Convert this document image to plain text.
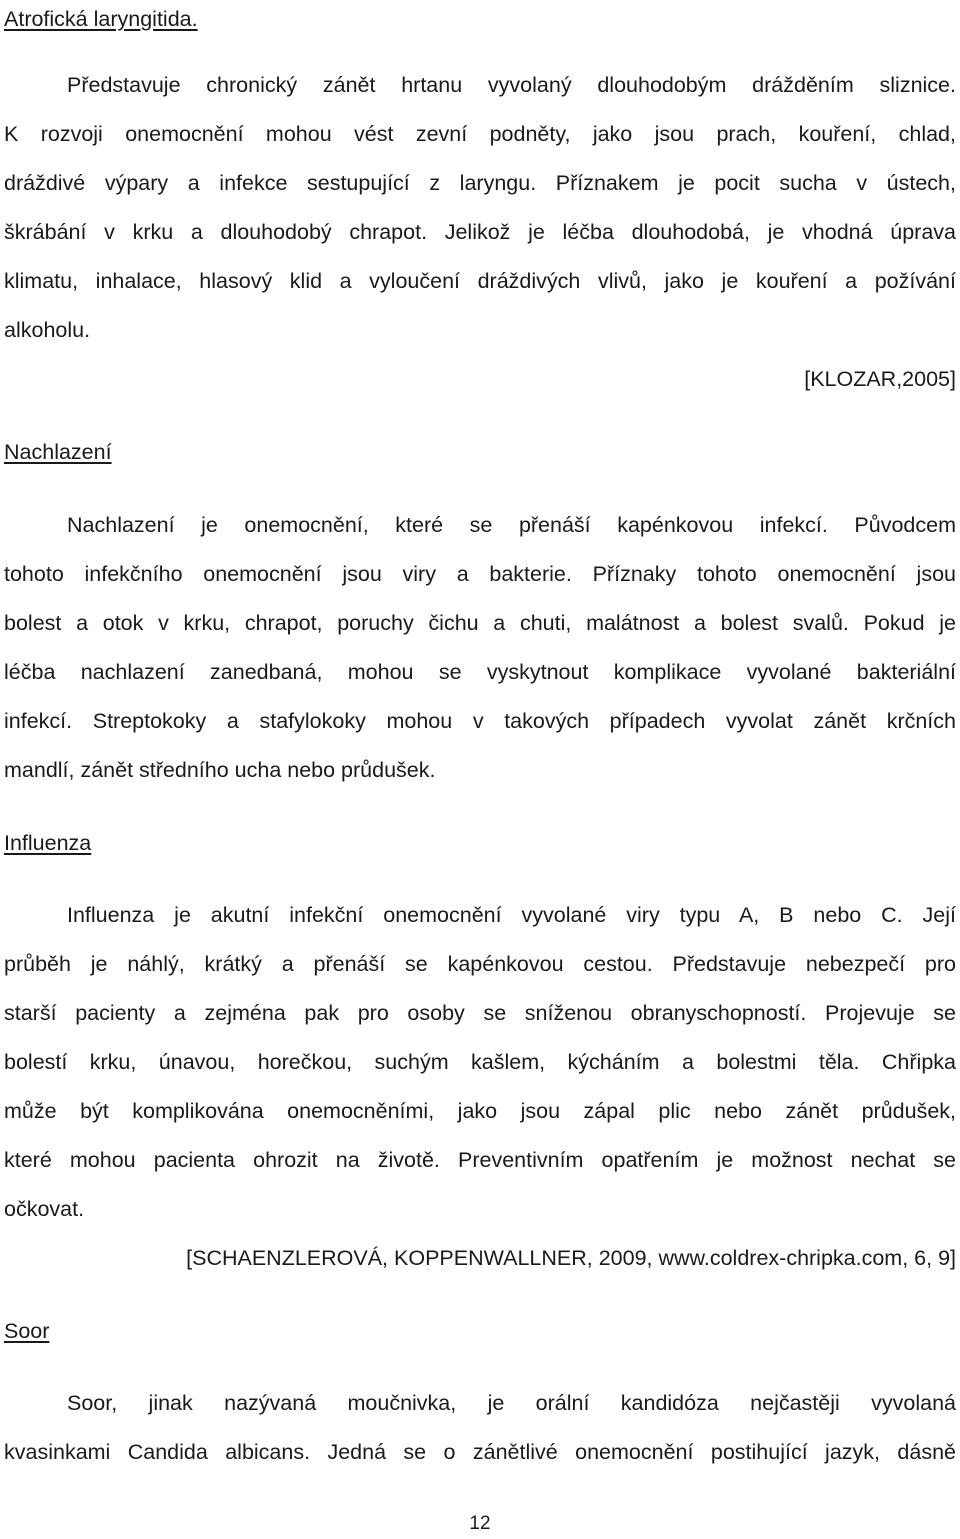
Atrofická laryngitida.
Představuje chronický zánět hrtanu vyvolaný dlouhodobým drážděním sliznice.
K rozvoji onemocnění mohou vést zevní podněty, jako jsou prach, kouření, chlad,
dráždivé výpary a infekce sestupující z laryngu. Příznakem je pocit sucha v ústech,
škrábání v krku a dlouhodobý chrapot. Jelikož je léčba dlouhodobá, je vhodná úprava
klimatu, inhalace, hlasový klid a vyloučení dráždivých vlivů, jako je kouření a požívání
alkoholu.
[KLOZAR,2005]
Nachlazení
Nachlazení je onemocnění, které se přenáší kapénkovou infekcí. Původcem
tohoto infekčního onemocnění jsou viry a bakterie. Příznaky tohoto onemocnění jsou
bolest a otok v krku, chrapot, poruchy čichu a chuti, malátnost a bolest svalů. Pokud je
léčba nachlazení zanedbaná, mohou se vyskytnout komplikace vyvolané bakteriální
infekcí. Streptokoky a stafylokoky mohou v takových případech vyvolat zánět krčních
mandlí, zánět středního ucha nebo průdušek.
Influenza
Influenza je akutní infekční onemocnění vyvolané viry typu A, B nebo C. Její
průběh je náhlý, krátký a přenáší se kapénkovou cestou. Představuje nebezpečí pro
starší pacienty a zejména pak pro osoby se sníženou obranyschopností. Projevuje se
bolestí krku, únavou, horečkou, suchým kašlem, kýcháním a bolestmi těla. Chřipka
může být komplikována onemocněními, jako jsou zápal plic nebo zánět průdušek,
které mohou pacienta ohrozit na životě. Preventivním opatřením je možnost nechat se
očkovat.
[SCHAENZLEROVÁ, KOPPENWALLNER, 2009, www.coldrex-chripka.com, 6, 9]
Soor
Soor, jinak nazývaná moučnivka, je orální kandidóza nejčastěji vyvolaná
kvasinkami Candida albicans. Jedná se o zánětlivé onemocnění postihující jazyk, dásně
12
